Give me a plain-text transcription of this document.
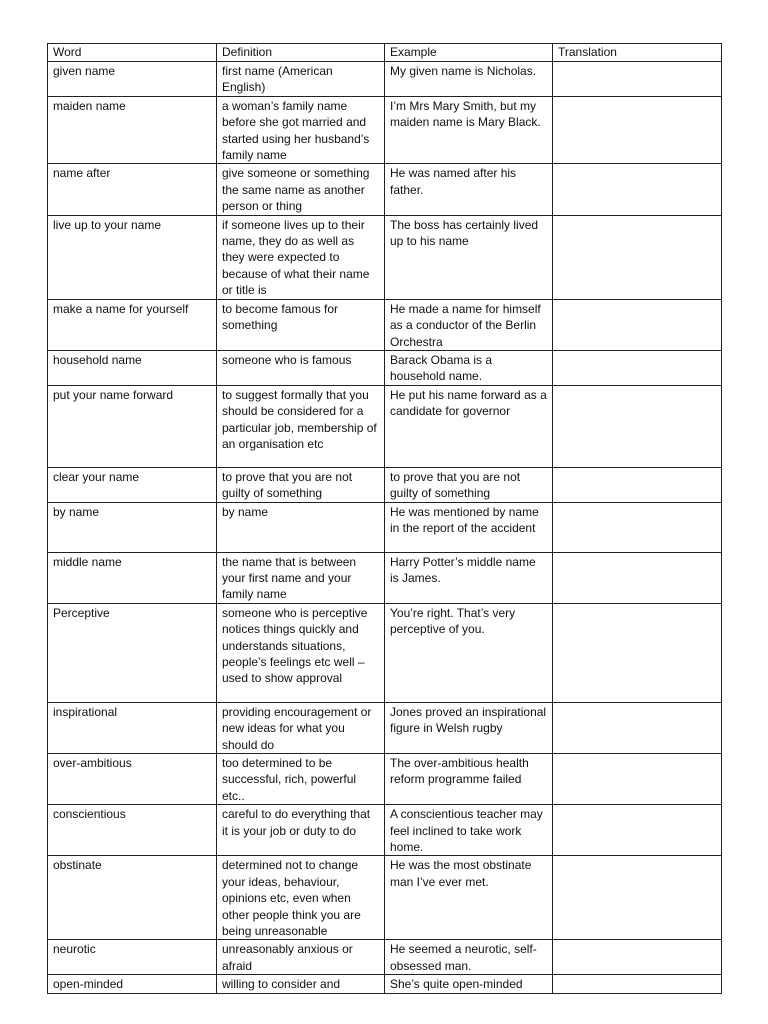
Word	Definition	Example	Translation
given name	first name (American English)	My given name is Nicholas.	
maiden name	a woman’s family name before she got married and started using her husband’s family name	I’m Mrs Mary Smith, but my maiden name is Mary Black.	
name after	give someone or something the same name as another person or thing	He was named after his father.	
live up to your name	if someone lives up to their name, they do as well as they were expected to because of what their name or title is	The boss has certainly lived up to his name	
make a name for yourself	to become famous for something	He made a name for himself as a conductor of the Berlin Orchestra	
household name	someone who is famous	Barack Obama is a household name.	
put your name forward	to suggest formally that you should be considered for a particular job, membership of an organisation etc	He put his name forward as a candidate for governor	
clear your name	to prove that you are not guilty of something	to prove that you are not guilty of something	
by name	by name	He was mentioned by name in the report of the accident	
middle name	the name that is between your first name and your family name	Harry Potter’s middle name is James.	
Perceptive	someone who is perceptive notices things quickly and understands situations, people’s feelings etc well – used to show approval	You’re right. That’s very perceptive of you.	
inspirational	providing encouragement or new ideas for what you should do	Jones proved an inspirational figure in Welsh rugby	
over-ambitious	too determined to be successful, rich, powerful etc..	The over-ambitious health reform programme failed	
conscientious	careful to do everything that it is your job or duty to do	A conscientious teacher may feel inclined to take work home.	
obstinate	determined not to change your ideas, behaviour, opinions etc, even when other people think you are being unreasonable	He was the most obstinate man I’ve ever met.	
neurotic	unreasonably anxious or afraid	He seemed a neurotic, self-obsessed man.	
open-minded	willing to consider and	She’s quite open-minded	
